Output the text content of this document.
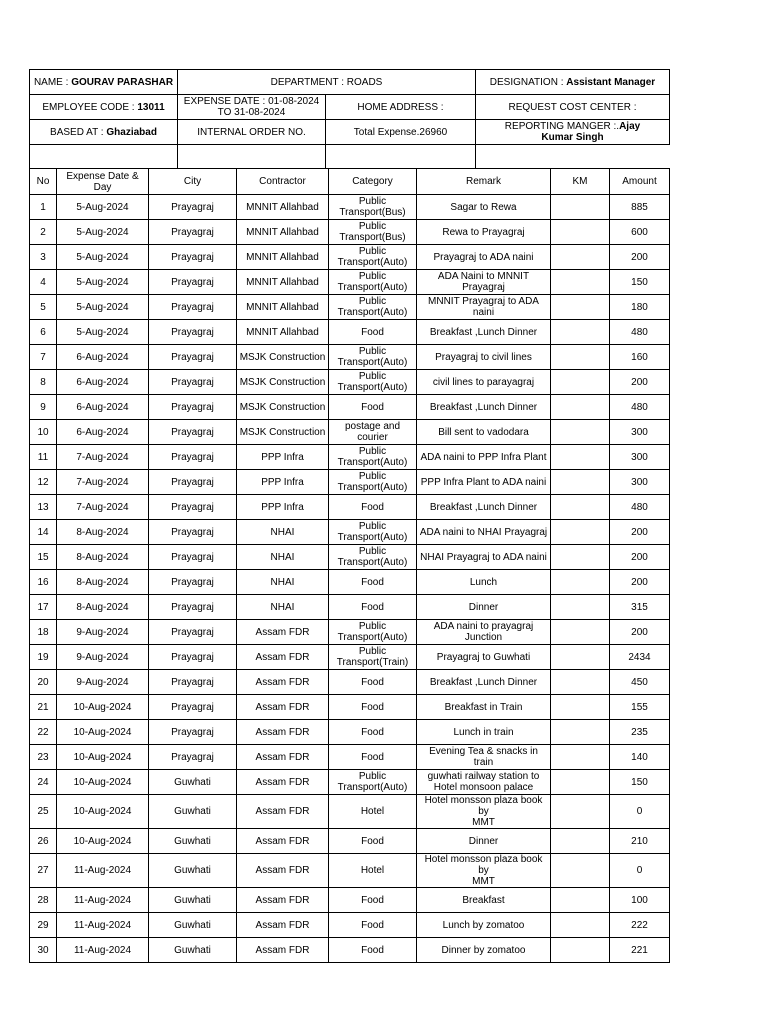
NAME : GOURAV PARASHAR	DEPARTMENT : ROADS		DESIGNATION : Assistant Manager
EMPLOYEE CODE : 13011	EXPENSE DATE : 01-08-2024
TO 31-08-2024	HOME ADDRESS :	REQUEST COST CENTER :
BASED AT : Ghaziabad	INTERNAL ORDER NO.	Total Expense.26960	REPORTING MANGER :.Ajay
Kumar Singh

No	Expense Date &
Day	City	Contractor	Category	Remark	KM	Amount
1	5-Aug-2024	Prayagraj	MNNIT Allahbad	Public
Transport(Bus)	Sagar to Rewa		885
2	5-Aug-2024	Prayagraj	MNNIT Allahbad	Public
Transport(Bus)	Rewa to Prayagraj		600
3	5-Aug-2024	Prayagraj	MNNIT Allahbad	Public
Transport(Auto)	Prayagraj to ADA naini		200
4	5-Aug-2024	Prayagraj	MNNIT Allahbad	Public
Transport(Auto)	ADA Naini to MNNIT
Prayagraj		150
5	5-Aug-2024	Prayagraj	MNNIT Allahbad	Public
Transport(Auto)	MNNIT Prayagraj to ADA naini		180
6	5-Aug-2024	Prayagraj	MNNIT Allahbad	Food	Breakfast ,Lunch Dinner		480
7	6-Aug-2024	Prayagraj	MSJK Construction	Public
Transport(Auto)	Prayagraj to civil lines		160
8	6-Aug-2024	Prayagraj	MSJK Construction	Public
Transport(Auto)	civil lines to parayagraj		200
9	6-Aug-2024	Prayagraj	MSJK Construction	Food	Breakfast ,Lunch Dinner		480
10	6-Aug-2024	Prayagraj	MSJK Construction	postage and courier	Bill sent to vadodara		300
11	7-Aug-2024	Prayagraj	PPP Infra	Public
Transport(Auto)	ADA naini to PPP Infra Plant		300
12	7-Aug-2024	Prayagraj	PPP Infra	Public
Transport(Auto)	PPP Infra Plant to ADA naini		300
13	7-Aug-2024	Prayagraj	PPP Infra	Food	Breakfast ,Lunch Dinner		480
14	8-Aug-2024	Prayagraj	NHAI	Public
Transport(Auto)	ADA naini to NHAI Prayagraj		200
15	8-Aug-2024	Prayagraj	NHAI	Public
Transport(Auto)	NHAI Prayagraj to ADA naini		200
16	8-Aug-2024	Prayagraj	NHAI	Food	Lunch		200
17	8-Aug-2024	Prayagraj	NHAI	Food	Dinner		315
18	9-Aug-2024	Prayagraj	Assam FDR	Public
Transport(Auto)	ADA naini to prayagraj
Junction		200
19	9-Aug-2024	Prayagraj	Assam FDR	Public
Transport(Train)	Prayagraj to Guwhati		2434
20	9-Aug-2024	Prayagraj	Assam FDR	Food	Breakfast ,Lunch Dinner		450
21	10-Aug-2024	Prayagraj	Assam FDR	Food	Breakfast in Train		155
22	10-Aug-2024	Prayagraj	Assam FDR	Food	Lunch in train		235
23	10-Aug-2024	Prayagraj	Assam FDR	Food	Evening Tea & snacks in train		140
24	10-Aug-2024	Guwhati	Assam FDR	Public
Transport(Auto)	guwhati railway station to
Hotel monsoon palace		150
25	10-Aug-2024	Guwhati	Assam FDR	Hotel	Hotel monsson plaza book by
MMT		0
26	10-Aug-2024	Guwhati	Assam FDR	Food	Dinner		210
27	11-Aug-2024	Guwhati	Assam FDR	Hotel	Hotel monsson plaza book by
MMT		0
28	11-Aug-2024	Guwhati	Assam FDR	Food	Breakfast		100
29	11-Aug-2024	Guwhati	Assam FDR	Food	Lunch by zomatoo		222
30	11-Aug-2024	Guwhati	Assam FDR	Food	Dinner by zomatoo		221
